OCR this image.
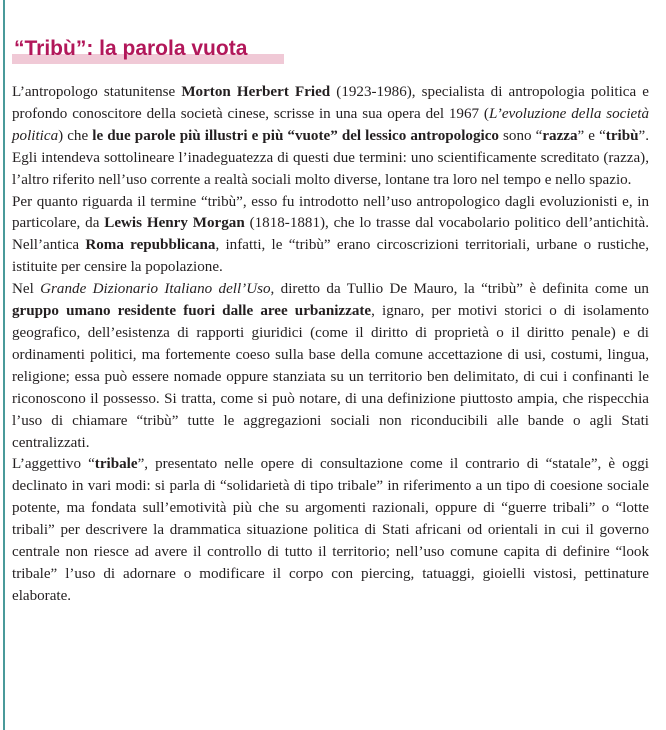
“Tribù”: la parola vuota

L’antropologo statunitense Morton Herbert Fried (1923-1986), specialista di antropologia politica e profondo conoscitore della società cinese, scrisse in una sua opera del 1967 (L’evoluzione della società politica) che le due parole più illustri e più “vuote” del lessico antropologico sono “razza” e “tribù”. Egli intendeva sottolineare l’inadeguatezza di questi due termini: uno scientificamente screditato (razza), l’altro riferito nell’uso corrente a realtà sociali molto diverse, lontane tra loro nel tempo e nello spazio.

Per quanto riguarda il termine “tribù”, esso fu introdotto nell’uso antropologico dagli evoluzionisti e, in particolare, da Lewis Henry Morgan (1818-1881), che lo trasse dal vocabolario politico dell’antichità. Nell’antica Roma repubblicana, infatti, le “tribù” erano circoscrizioni territoriali, urbane o rustiche, istituite per censire la popolazione.

Nel Grande Dizionario Italiano dell’Uso, diretto da Tullio De Mauro, la “tribù” è definita come un gruppo umano residente fuori dalle aree urbanizzate, ignaro, per motivi storici o di isolamento geografico, dell’esistenza di rapporti giuridici (come il diritto di proprietà o il diritto penale) e di ordinamenti politici, ma fortemente coeso sulla base della comune accettazione di usi, costumi, lingua, religione; essa può essere nomade oppure stanziata su un territorio ben delimitato, di cui i confinanti le riconoscono il possesso. Si tratta, come si può notare, di una definizione piuttosto ampia, che rispecchia l’uso di chiamare “tribù” tutte le aggregazioni sociali non riconducibili alle bande o agli Stati centralizzati.

L’aggettivo “tribale”, presentato nelle opere di consultazione come il contrario di “statale”, è oggi declinato in vari modi: si parla di “solidarietà di tipo tribale” in riferimento a un tipo di coesione sociale potente, ma fondata sull’emotività più che su argomenti razionali, oppure di “guerre tribali” o “lotte tribali” per descrivere la drammatica situazione politica di Stati africani od orientali in cui il governo centrale non riesce ad avere il controllo di tutto il territorio; nell’uso comune capita di definire “look tribale” l’uso di adornare o modificare il corpo con piercing, tatuaggi, gioielli vistosi, pettinature elaborate.
